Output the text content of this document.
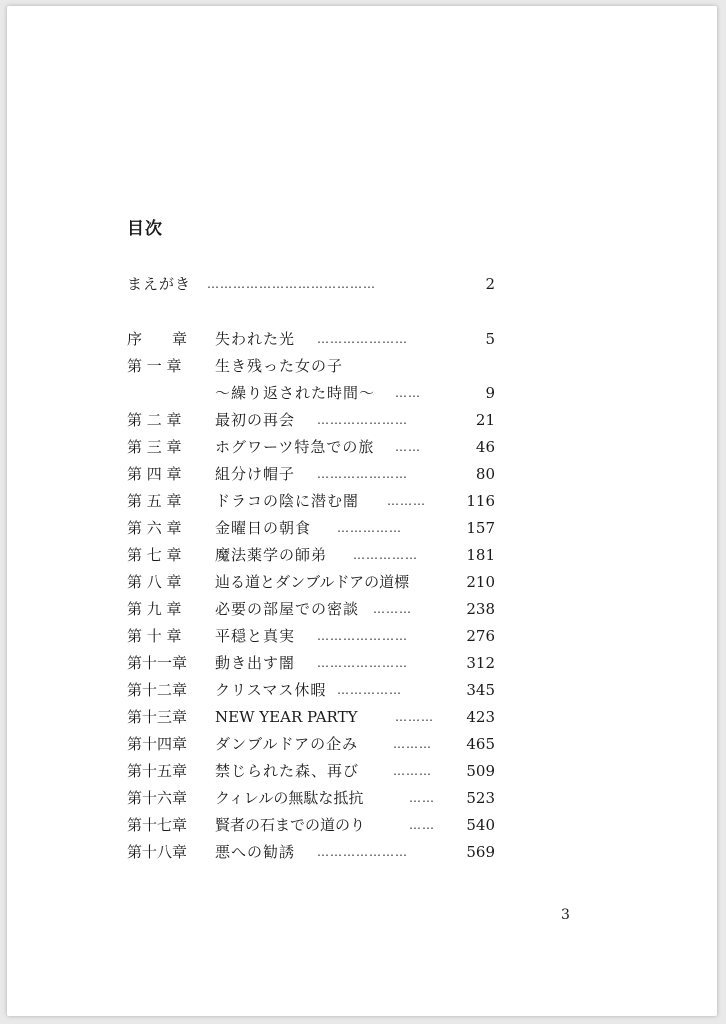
目次
まえがき …………………………………	2
序　　章	失われた光 …………………	5
第 一 章	生き残った女の子
〜繰り返された時間〜 ……	9
第 二 章	最初の再会 …………………	21
第 三 章	ホグワーツ特急での旅 ……	46
第 四 章	組分け帽子 …………………	80
第 五 章	ドラコの陰に潜む闇 ………	116
第 六 章	金曜日の朝食 ……………	157
第 七 章	魔法薬学の師弟 ……………	181
第 八 章	辿る道とダンブルドアの道標	210
第 九 章	必要の部屋での密談 ………	238
第 十 章	平穏と真実 …………………	276
第十一章	動き出す闇 …………………	312
第十二章	クリスマス休暇 ……………	345
第十三章	NEW YEAR PARTY	………	423
第十四章	ダンブルドアの企み	………	465
第十五章	禁じられた森、再び	………	509
第十六章	クィレルの無駄な抵抗	……	523
第十七章	賢者の石までの道のり	……	540
第十八章	悪への勧誘 …………………	569
3
